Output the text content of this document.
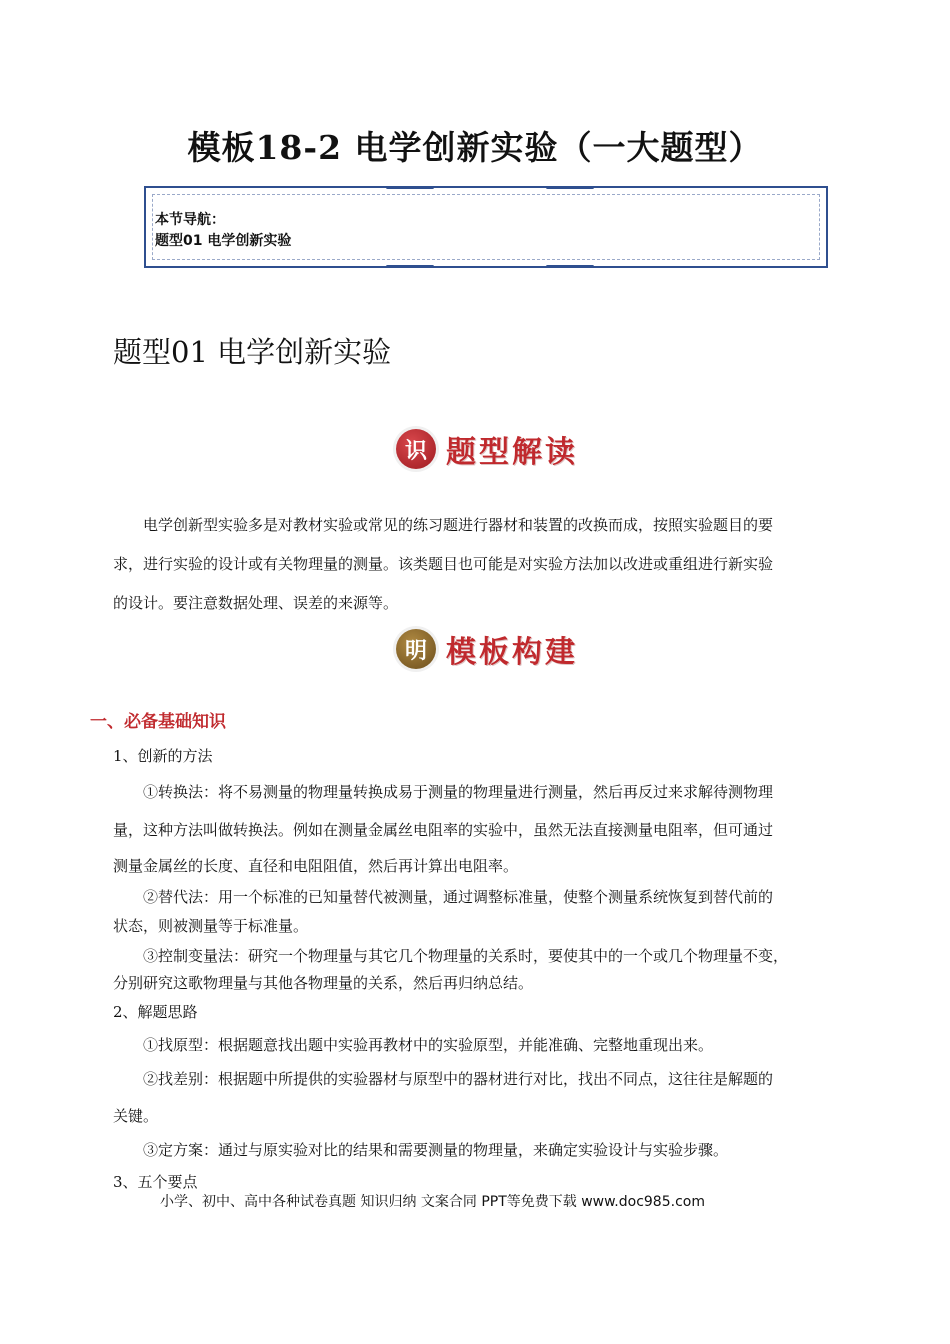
模板18-2 电学创新实验（一大题型）
本节导航：
题型01 电学创新实验
题型01 电学创新实验
识 题型解读
电学创新型实验多是对教材实验或常见的练习题进行器材和装置的改换而成，按照实验题目的要
求，进行实验的设计或有关物理量的测量。该类题目也可能是对实验方法加以改进或重组进行新实验
的设计。要注意数据处理、误差的来源等。
明 模板构建
一、必备基础知识
1、创新的方法
①转换法：将不易测量的物理量转换成易于测量的物理量进行测量，然后再反过来求解待测物理
量，这种方法叫做转换法。例如在测量金属丝电阻率的实验中，虽然无法直接测量电阻率，但可通过
测量金属丝的长度、直径和电阻阻值，然后再计算出电阻率。
②替代法：用一个标准的已知量替代被测量，通过调整标准量，使整个测量系统恢复到替代前的
状态，则被测量等于标准量。
③控制变量法：研究一个物理量与其它几个物理量的关系时，要使其中的一个或几个物理量不变，
分别研究这歌物理量与其他各物理量的关系，然后再归纳总结。
2、解题思路
①找原型：根据题意找出题中实验再教材中的实验原型，并能准确、完整地重现出来。
②找差别：根据题中所提供的实验器材与原型中的器材进行对比，找出不同点，这往往是解题的
关键。
③定方案：通过与原实验对比的结果和需要测量的物理量，来确定实验设计与实验步骤。
3、五个要点
小学、初中、高中各种试卷真题 知识归纳 文案合同 PPT等免费下载 www.doc985.com
